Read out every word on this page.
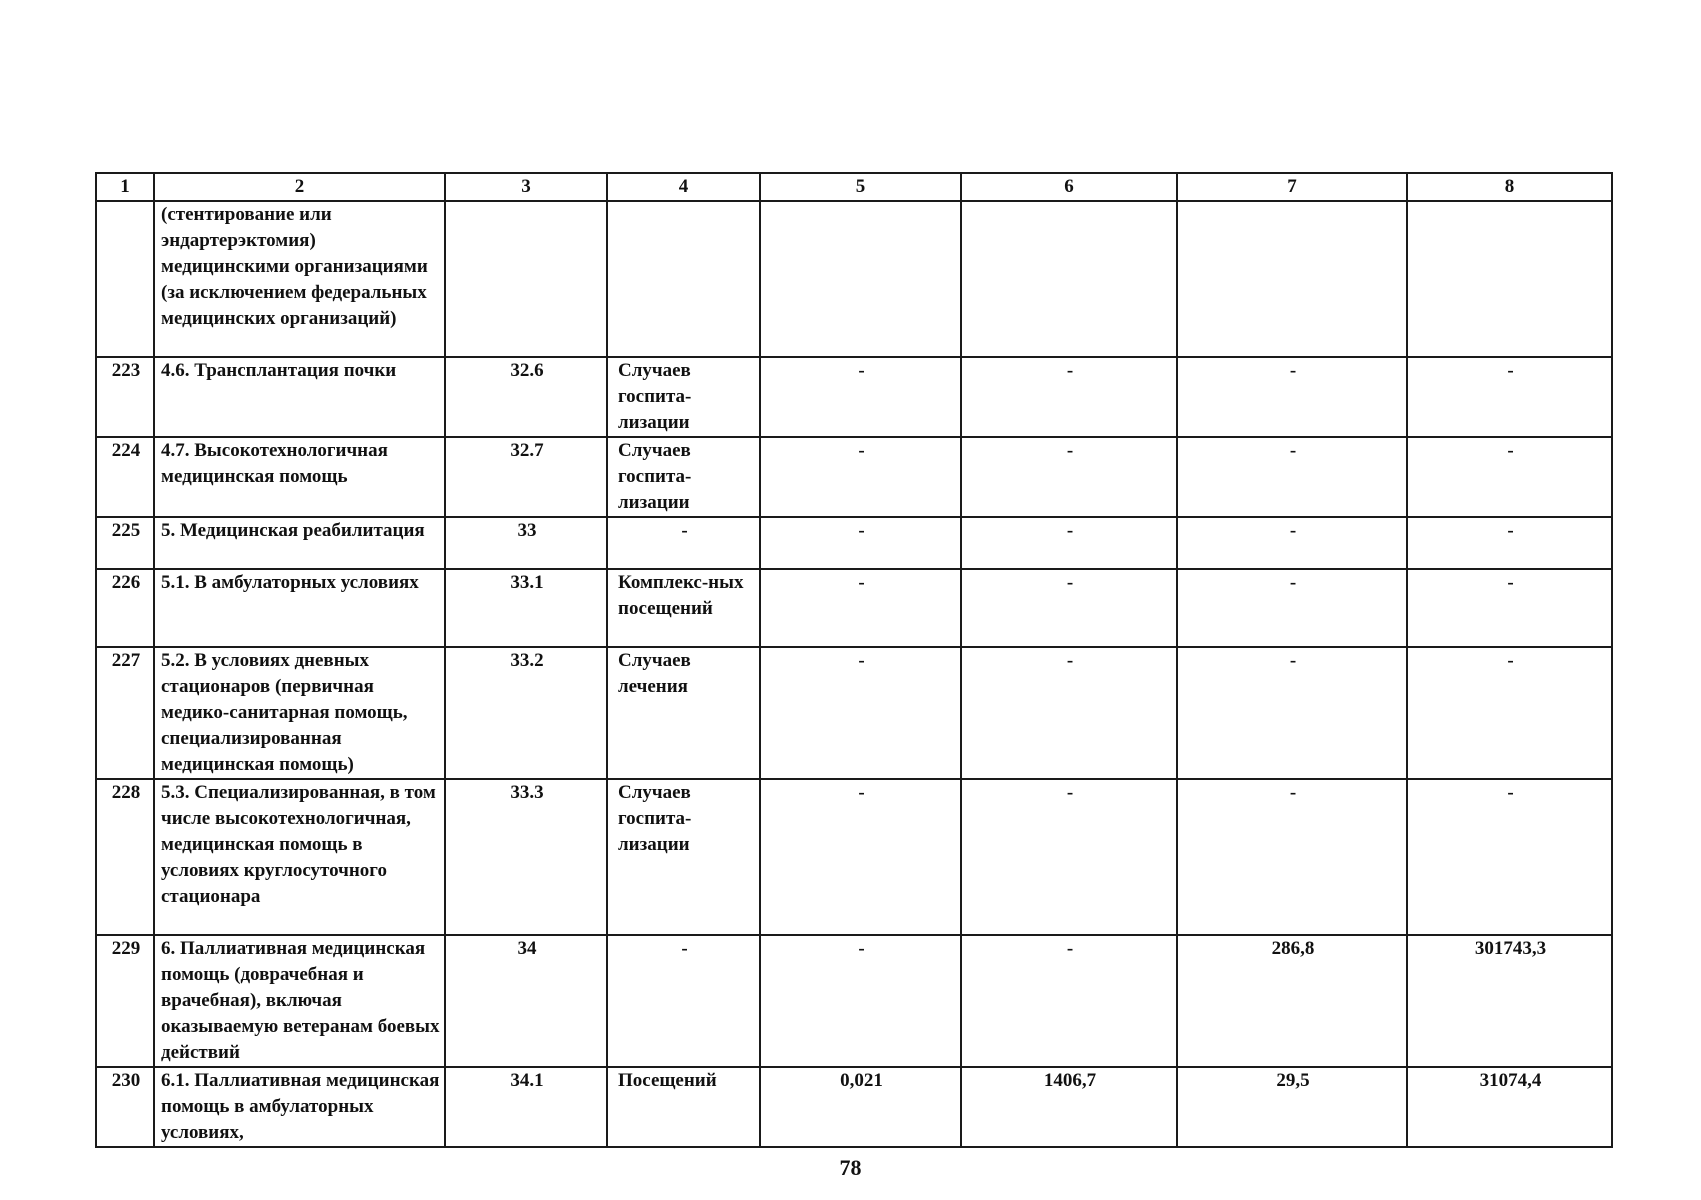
1	2	3	4	5	6	7	8
	(стентирование или эндартерэктомия) медицинскими организациями (за исключением федеральных медицинских организаций)						
223	4.6. Трансплантация почки	32.6	Случаев госпита-лизации	-	-	-	-
224	4.7. Высокотехнологичная медицинская помощь	32.7	Случаев госпита-лизации	-	-	-	-
225	5. Медицинская реабилитация	33	-	-	-	-	-
226	5.1. В амбулаторных условиях	33.1	Комплекс-ных посещений	-	-	-	-
227	5.2. В условиях дневных стационаров (первичная медико-санитарная помощь, специализированная медицинская помощь)	33.2	Случаев лечения	-	-	-	-
228	5.3. Специализированная, в том числе высокотехнологичная, медицинская помощь в условиях круглосуточного стационара	33.3	Случаев госпита-лизации	-	-	-	-
229	6. Паллиативная медицинская помощь (доврачебная и врачебная), включая оказываемую ветеранам боевых действий	34	-	-	-	286,8	301743,3
230	6.1. Паллиативная медицинская помощь в амбулаторных условиях,	34.1	Посещений	0,021	1406,7	29,5	31074,4
78
